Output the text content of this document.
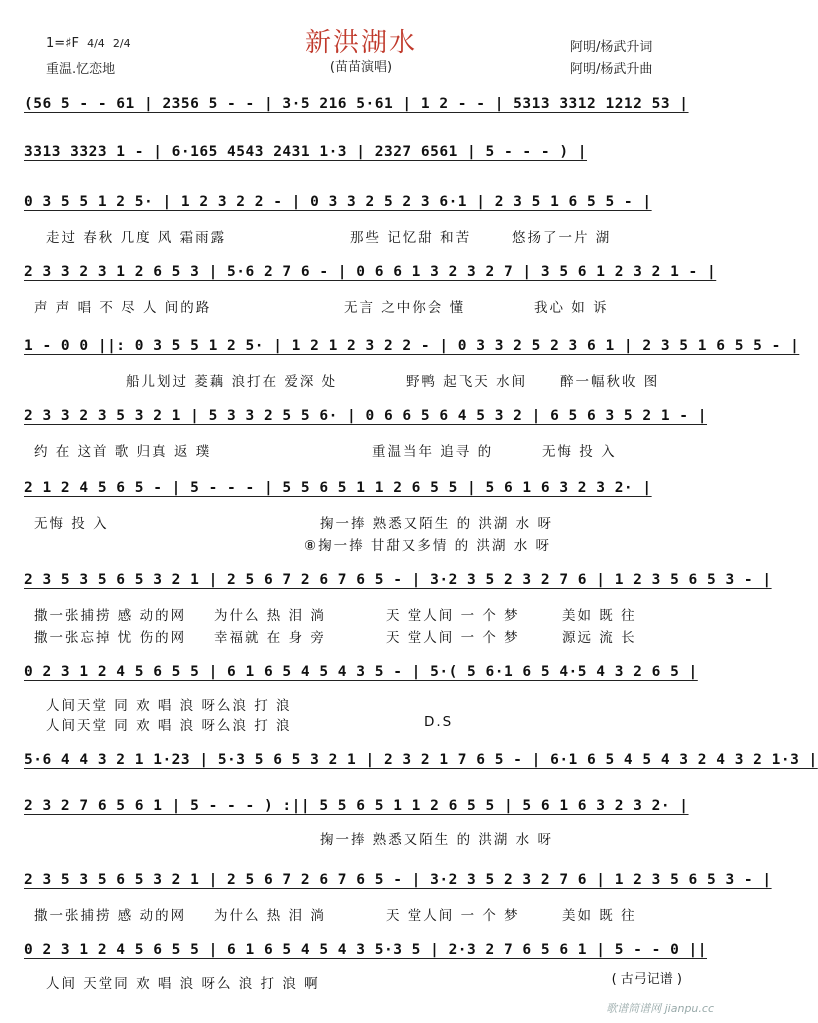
新洪湖水
(苗苗演唱)
1=♯F 4/4
2/4
重温.忆恋地
阿明/杨武升词
阿明/杨武升曲
(56 5 - - 61 | 2356 5 - - | 3·5 216 5·61 | 1 2 - - | 5313 3312 1212 53 |
3313 3323 1 - | 6·165 4543 2431 1·3 | 2327 6561 | 5 - - - ) |
0 3 5 5 1 2 5· | 1 2 3 2 2 - | 0 3 3 2 5 2 3 6·1 | 2 3 5 1 6 5 5 - |
走过 春秋 几度 风 霜雨露	那些 记忆甜 和苦	悠扬了一片 湖
2 3 3 2 3 1 2 6 5 3 | 5·6 2 7 6 - | 0 6 6 1 3 2 3 2 7 | 3 5 6 1 2 3 2 1 - |
声 声 唱 不 尽 人 间的路	无言 之中你会 懂	我心 如 诉
1 - 0 0 ||: 0 3 5 5 1 2 5· | 1 2 1 2 3 2 2 - | 0 3 3 2 5 2 3 6 1 | 2 3 5 1 6 5 5 - |
船儿划过 菱藕 浪打在 爱深 处	野鸭 起飞天 水间 醉一幅秋收 图
2 3 3 2 3 5 3 2 1 | 5 3 3 2 5 5 6· | 0 6 6 5 6 4 5 3 2 | 6 5 6 3 5 2 1 - |
约 在 这首 歌 归真 返 璞	重温当年 追寻 的	无悔 投 入
2 1 2 4 5 6 5 - | 5 - - - | 5 5 6 5 1 1 2 6 5 5 | 5 6 1 6 3 2 3 2· |
无悔 投 入	掬一捧 熟悉又陌生 的 洪湖 水 呀
⑧掬一捧 甘甜又多情 的 洪湖 水 呀
2 3 5 3 5 6 5 3 2 1 | 2 5 6 7 2 6 7 6 5 - | 3·2 3 5 2 3 2 7 6 | 1 2 3 5 6 5 3 - |
撒一张捕捞 感 动的网 为什么 热 泪 淌	天 堂人间 一 个 梦	美如 既 往
撒一张忘掉 忧 伤的网 幸福就 在 身 旁	天 堂人间 一 个 梦	源远 流 长
0 2 3 1 2 4 5 6 5 5 | 6 1 6 5 4 5 4 3 5 - | 5·( 5 6·1 6 5 4·5 4 3 2 6 5 |
人间天堂 同 欢 唱 浪 呀么浪 打 浪
人间天堂 同 欢 唱 浪 呀么浪 打 浪	D.S
5·6 4 4 3 2 1 1·23 | 5·3 5 6 5 3 2 1 | 2 3 2 1 7 6 5 - | 6·1 6 5 4 5 4 3 2 4 3 2 1·3 |
2 3 2 7 6 5 6 1 | 5 - - - ) :|| 5 5 6 5 1 1 2 6 5 5 | 5 6 1 6 3 2 3 2· |
掬一捧 熟悉又陌生 的 洪湖 水 呀
2 3 5 3 5 6 5 3 2 1 | 2 5 6 7 2 6 7 6 5 - | 3·2 3 5 2 3 2 7 6 | 1 2 3 5 6 5 3 - |
撒一张捕捞 感 动的网 为什么 热 泪 淌	天 堂人间 一 个 梦	美如 既 往
0 2 3 1 2 4 5 6 5 5 | 6 1 6 5 4 5 4 3 5·3 5 | 2·3 2 7 6 5 6 1 | 5 - - 0 ||
人间 天堂同 欢 唱 浪 呀么 浪 打 浪 啊	( 古弓记谱 )
歌谱简谱网 jianpu.cc
